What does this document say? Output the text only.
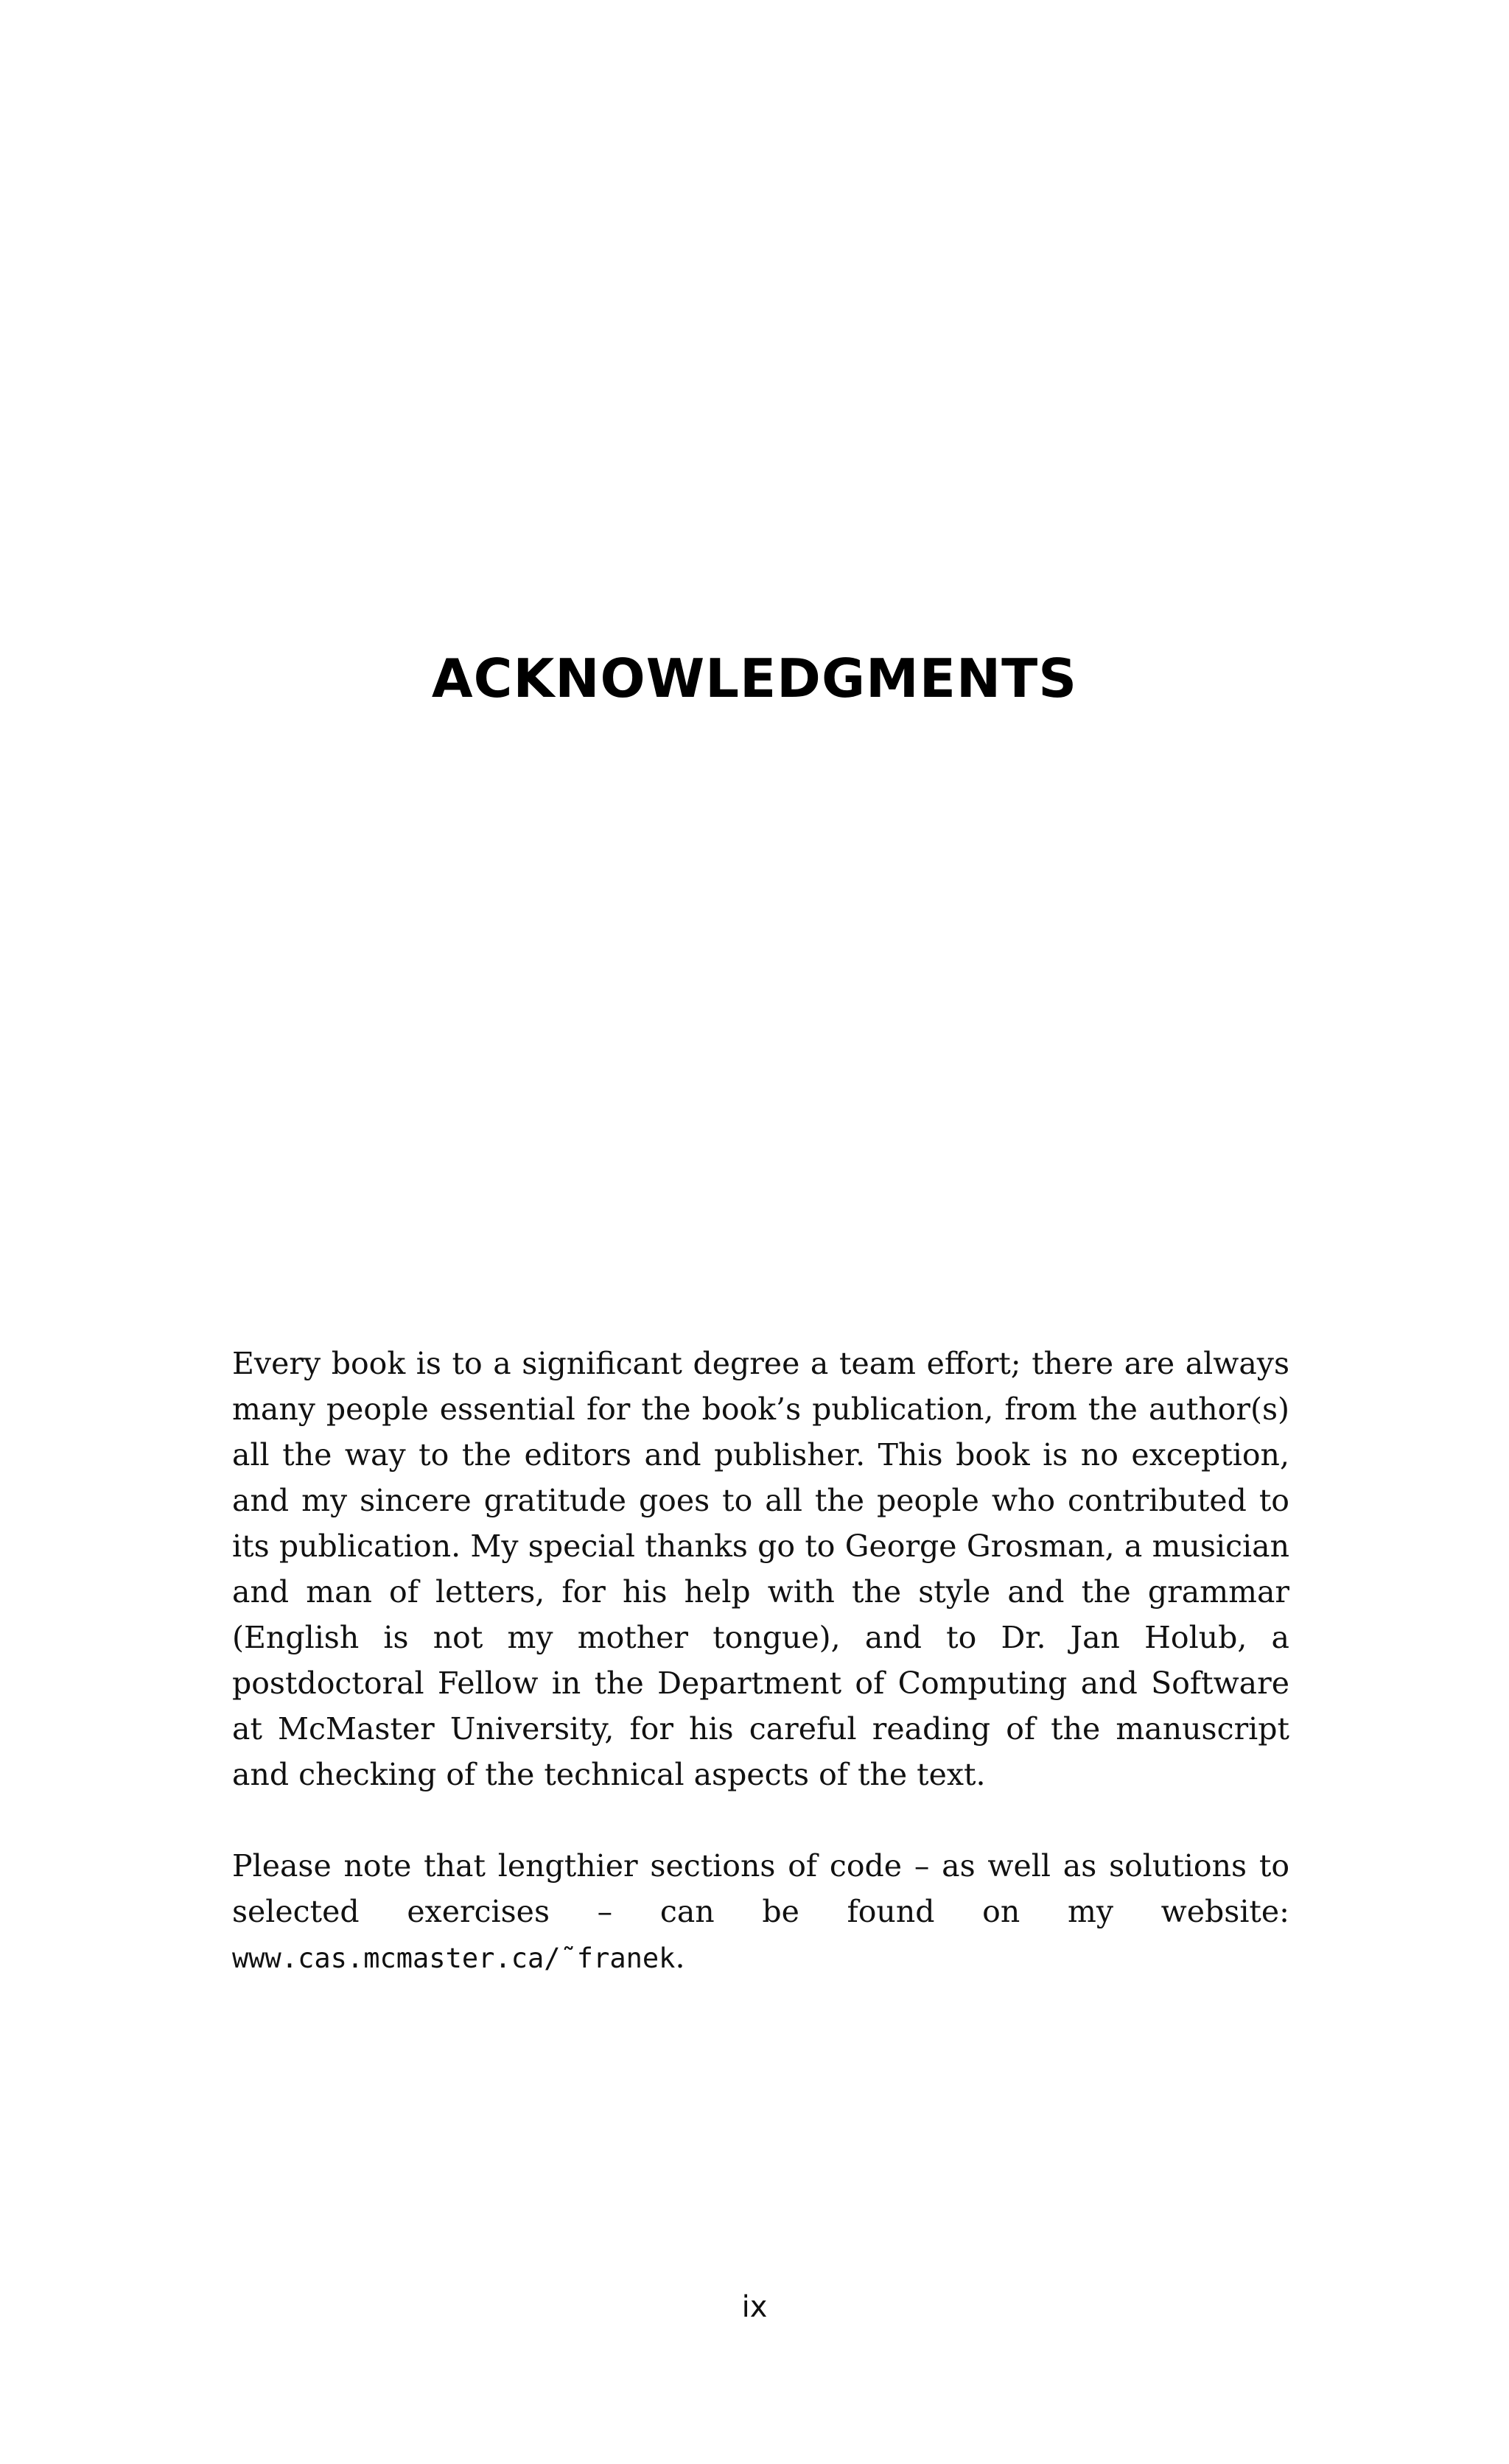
ACKNOWLEDGMENTS

Every book is to a significant degree a team effort; there are always many people essential for the book’s publication, from the author(s) all the way to the editors and publisher. This book is no exception, and my sincere gratitude goes to all the people who contributed to its publication. My special thanks go to George Grosman, a musician and man of letters, for his help with the style and the grammar (English is not my mother tongue), and to Dr. Jan Holub, a postdoctoral Fellow in the Department of Computing and Software at McMaster University, for his careful reading of the manuscript and checking of the technical aspects of the text.

Please note that lengthier sections of code – as well as solutions to selected exercises – can be found on my website: www.cas.mcmaster.ca/˜franek.

ix
